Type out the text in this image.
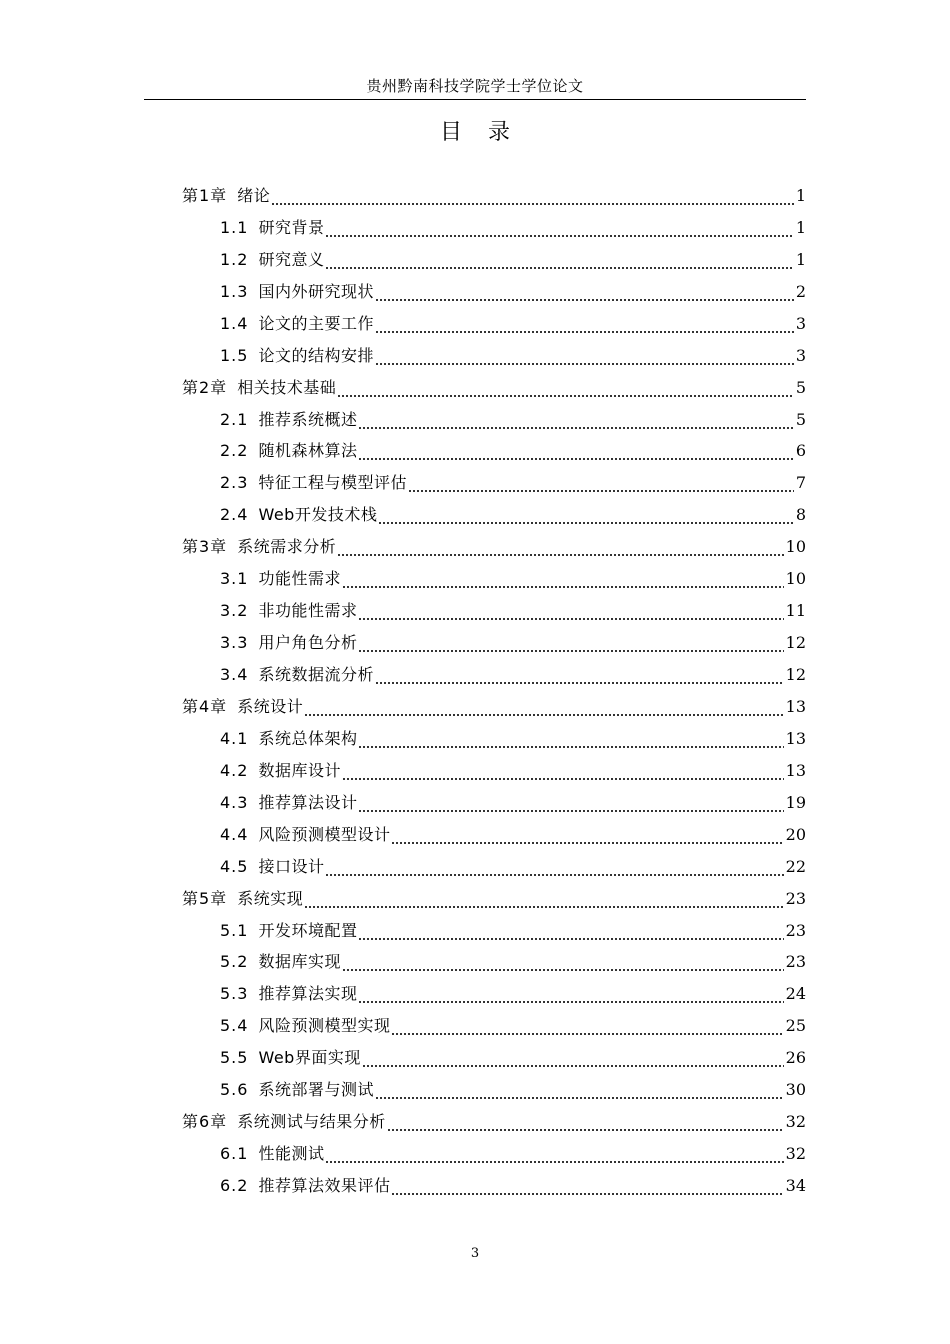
贵州黔南科技学院学士学位论文
目录
第1章 绪论	1
1.1 研究背景	1
1.2 研究意义	1
1.3 国内外研究现状	2
1.4 论文的主要工作	3
1.5 论文的结构安排	3
第2章 相关技术基础	5
2.1 推荐系统概述	5
2.2 随机森林算法	6
2.3 特征工程与模型评估	7
2.4 Web开发技术栈	8
第3章 系统需求分析	10
3.1 功能性需求	10
3.2 非功能性需求	11
3.3 用户角色分析	12
3.4 系统数据流分析	12
第4章 系统设计	13
4.1 系统总体架构	13
4.2 数据库设计	13
4.3 推荐算法设计	19
4.4 风险预测模型设计	20
4.5 接口设计	22
第5章 系统实现	23
5.1 开发环境配置	23
5.2 数据库实现	23
5.3 推荐算法实现	24
5.4 风险预测模型实现	25
5.5 Web界面实现	26
5.6 系统部署与测试	30
第6章 系统测试与结果分析	32
6.1 性能测试	32
6.2 推荐算法效果评估	34
3
